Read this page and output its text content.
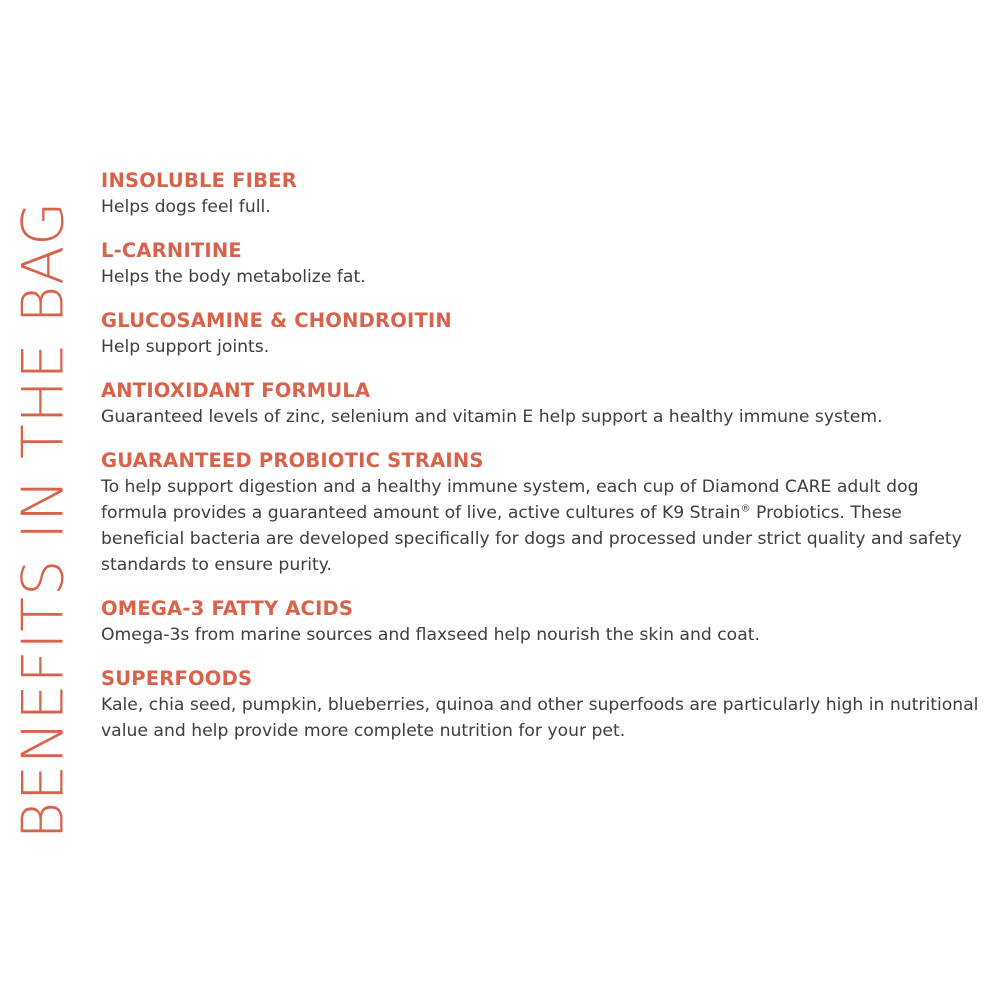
BENEFITS IN THE BAG
INSOLUBLE FIBER
Helps dogs feel full.
L-CARNITINE
Helps the body metabolize fat.
GLUCOSAMINE & CHONDROITIN
Help support joints.
ANTIOXIDANT FORMULA
Guaranteed levels of zinc, selenium and vitamin E help support a healthy immune system.
GUARANTEED PROBIOTIC STRAINS
To help support digestion and a healthy immune system, each cup of Diamond CARE adult dog formula provides a guaranteed amount of live, active cultures of K9 Strain® Probiotics. These beneficial bacteria are developed specifically for dogs and processed under strict quality and safety standards to ensure purity.
OMEGA-3 FATTY ACIDS
Omega-3s from marine sources and flaxseed help nourish the skin and coat.
SUPERFOODS
Kale, chia seed, pumpkin, blueberries, quinoa and other superfoods are particularly high in nutritional value and help provide more complete nutrition for your pet.
